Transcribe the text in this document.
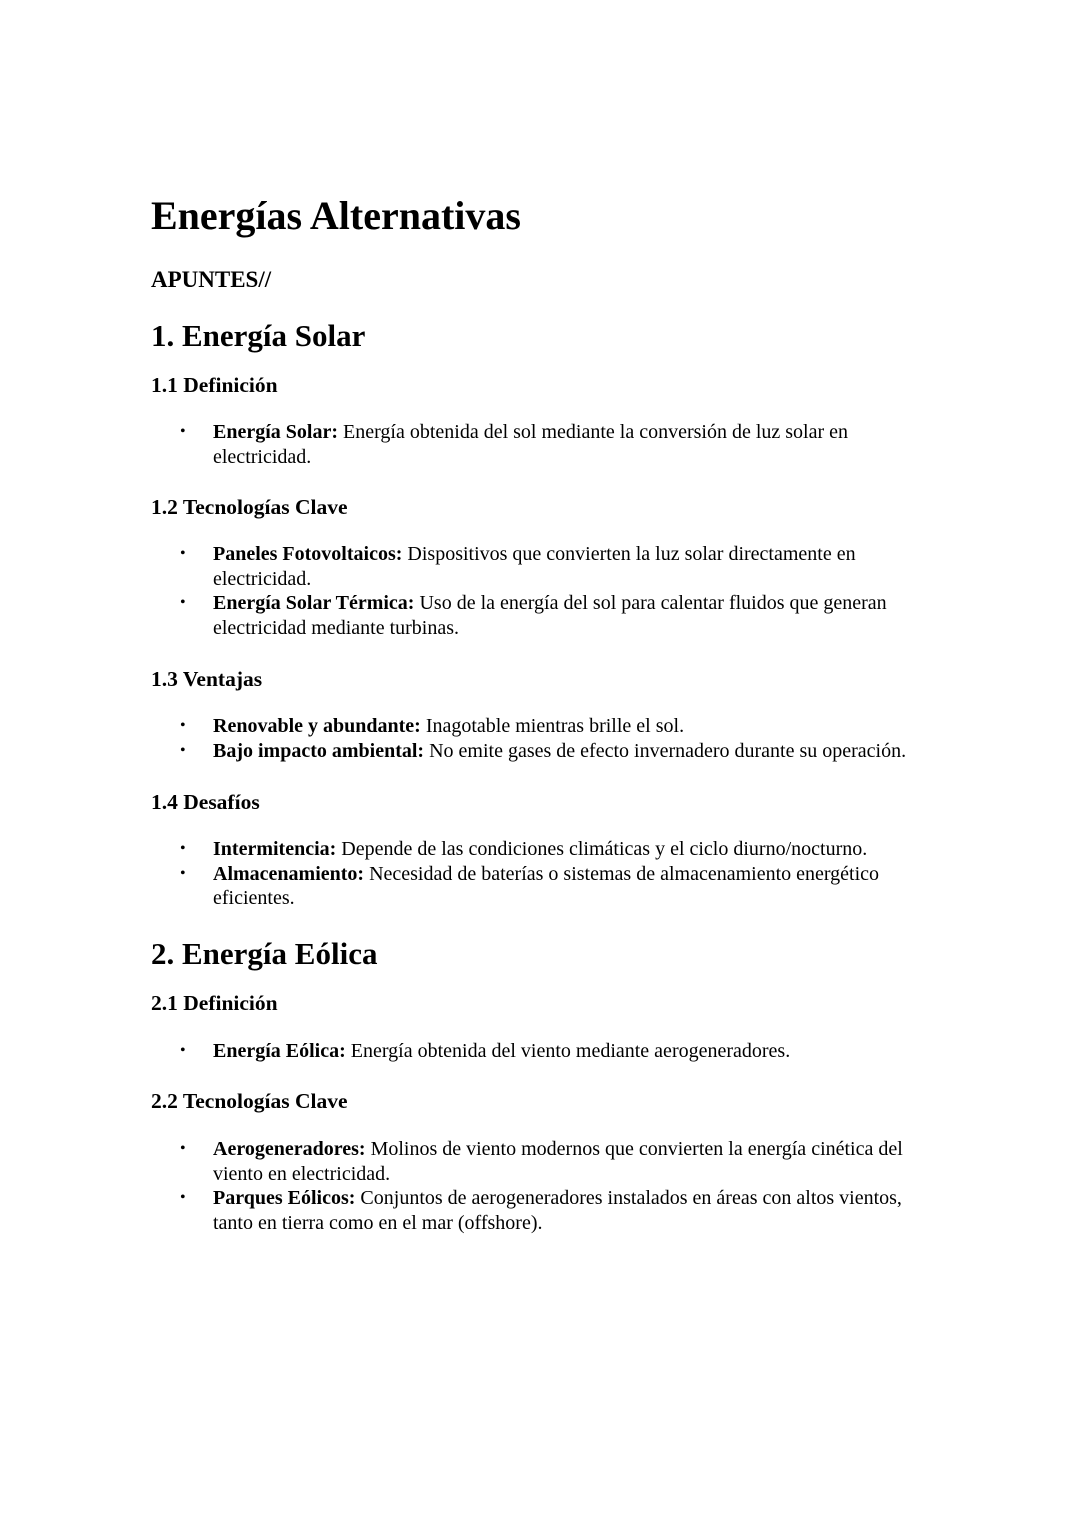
Energías Alternativas
APUNTES//
1. Energía Solar
1.1 Definición
• Energía Solar: Energía obtenida del sol mediante la conversión de luz solar en electricidad.
1.2 Tecnologías Clave
• Paneles Fotovoltaicos: Dispositivos que convierten la luz solar directamente en electricidad.
• Energía Solar Térmica: Uso de la energía del sol para calentar fluidos que generan electricidad mediante turbinas.
1.3 Ventajas
• Renovable y abundante: Inagotable mientras brille el sol.
• Bajo impacto ambiental: No emite gases de efecto invernadero durante su operación.
1.4 Desafíos
• Intermitencia: Depende de las condiciones climáticas y el ciclo diurno/nocturno.
• Almacenamiento: Necesidad de baterías o sistemas de almacenamiento energético eficientes.
2. Energía Eólica
2.1 Definición
• Energía Eólica: Energía obtenida del viento mediante aerogeneradores.
2.2 Tecnologías Clave
• Aerogeneradores: Molinos de viento modernos que convierten la energía cinética del viento en electricidad.
• Parques Eólicos: Conjuntos de aerogeneradores instalados en áreas con altos vientos, tanto en tierra como en el mar (offshore).
